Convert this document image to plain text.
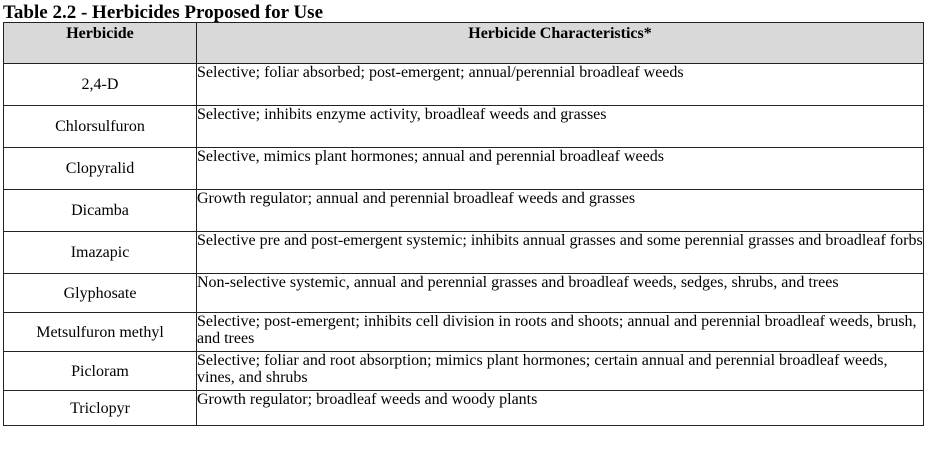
Table 2.2 - Herbicides Proposed for Use
Herbicide	Herbicide Characteristics*
2,4-D	Selective; foliar absorbed; post-emergent; annual/perennial broadleaf weeds
Chlorsulfuron	Selective; inhibits enzyme activity, broadleaf weeds and grasses
Clopyralid	Selective, mimics plant hormones; annual and perennial broadleaf weeds
Dicamba	Growth regulator; annual and perennial broadleaf weeds and grasses
Imazapic	Selective pre and post-emergent systemic; inhibits annual grasses and some perennial grasses and broadleaf forbs
Glyphosate	Non-selective systemic, annual and perennial grasses and broadleaf weeds, sedges, shrubs, and trees
Metsulfuron methyl	Selective; post-emergent; inhibits cell division in roots and shoots; annual and perennial broadleaf weeds, brush, and trees
Picloram	Selective; foliar and root absorption; mimics plant hormones; certain annual and perennial broadleaf weeds, vines, and shrubs
Triclopyr	Growth regulator; broadleaf weeds and woody plants
